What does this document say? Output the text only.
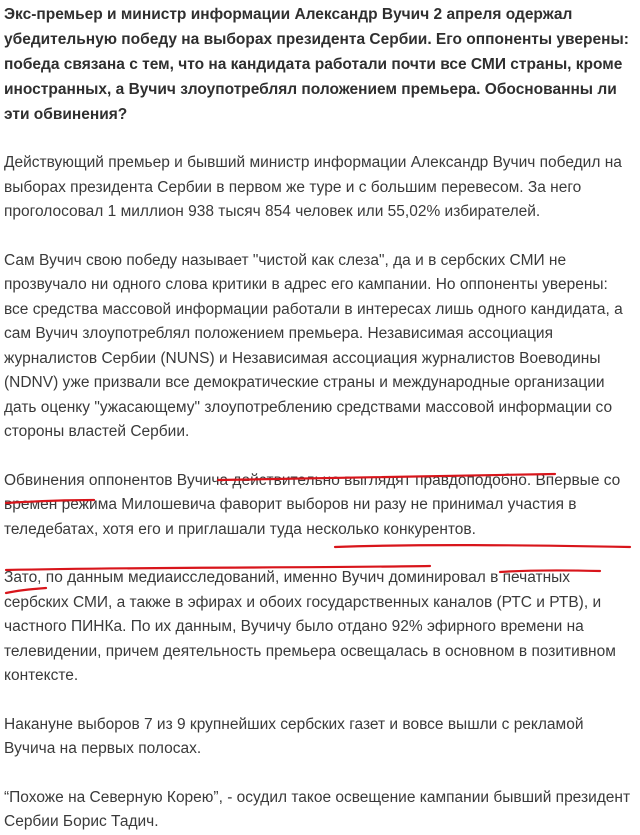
Экс-премьер и министр информации Александр Вучич 2 апреля одержал убедительную победу на выборах президента Сербии. Его оппоненты уверены: победа связана с тем, что на кандидата работали почти все СМИ страны, кроме иностранных, а Вучич злоупотреблял положением премьера. Обоснованны ли эти обвинения?

Действующий премьер и бывший министр информации Александр Вучич победил на выборах президента Сербии в первом же туре и с большим перевесом. За него проголосовал 1 миллион 938 тысяч 854 человек или 55,02% избирателей.

Сам Вучич свою победу называет "чистой как слеза", да и в сербских СМИ не прозвучало ни одного слова критики в адрес его кампании. Но оппоненты уверены: все средства массовой информации работали в интересах лишь одного кандидата, а сам Вучич злоупотреблял положением премьера. Независимая ассоциация журналистов Сербии (NUNS) и Независимая ассоциация журналистов Воеводины (NDNV) уже призвали все демократические страны и международные организации дать оценку "ужасающему" злоупотреблению средствами массовой информации со стороны властей Сербии.

Обвинения оппонентов Вучича действительно выглядят правдоподобно. Впервые со времен режима Милошевича фаворит выборов ни разу не принимал участия в теледебатах, хотя его и приглашали туда несколько конкурентов.

Зато, по данным медиаисследований, именно Вучич доминировал в печатных сербских СМИ, а также в эфирах и обоих государственных каналов (РТС и РТВ), и частного ПИНКа. По их данным, Вучичу было отдано 92% эфирного времени на телевидении, причем деятельность премьера освещалась в основном в позитивном контексте.

Накануне выборов 7 из 9 крупнейших сербских газет и вовсе вышли с рекламой Вучича на первых полосах.

“Похоже на Северную Корею”, - осудил такое освещение кампании бывший президент Сербии Борис Тадич.
